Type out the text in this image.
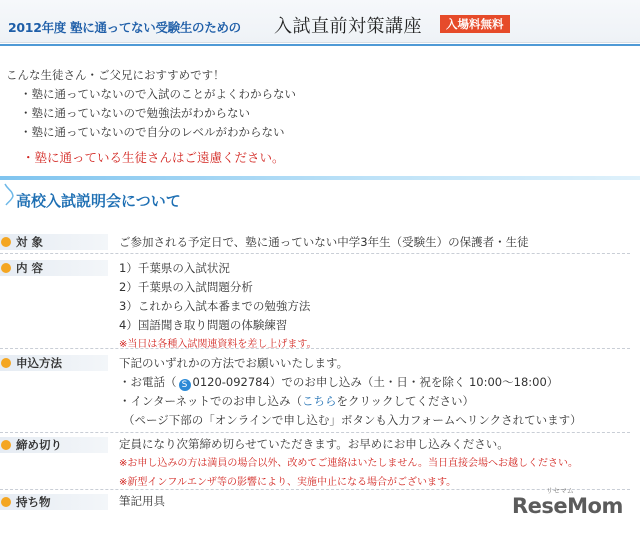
2012年度 塾に通ってない受験生のための 入試直前対策講座	入場料無料
こんな生徒さん・ご父兄におすすめです！
・塾に通っていないので入試のことがよくわからない
・塾に通っていないので勉強法がわからない
・塾に通っていないので自分のレベルがわからない
・塾に通っている生徒さんはご遠慮ください。
高校入試説明会について
対 象	ご参加される予定日で、塾に通っていない中学3年生（受験生）の保護者・生徒
内 容	1）千葉県の入試状況
2）千葉県の入試問題分析
3）これから入試本番までの勉強方法
4）国語聞き取り問題の体験練習
※当日は各種入試関連資料を差し上げます。
申込方法	下記のいずれかの方法でお願いいたします。
・お電話（ S 0120-092784）でのお申し込み（土・日・祝を除く 10:00～18:00）
・インターネットでのお申し込み（こちらをクリックしてください）
（ページ下部の「オンラインで申し込む」ボタンも入力フォームへリンクされています）
締め切り	定員になり次第締め切らせていただきます。お早めにお申し込みください。
※お申し込みの方は満員の場合以外、改めてご連絡はいたしません。当日直接会場へお越しください。
※新型インフルエンザ等の影響により、実施中止になる場合がございます。
持ち物	筆記用具
リセマム
ReseMom
